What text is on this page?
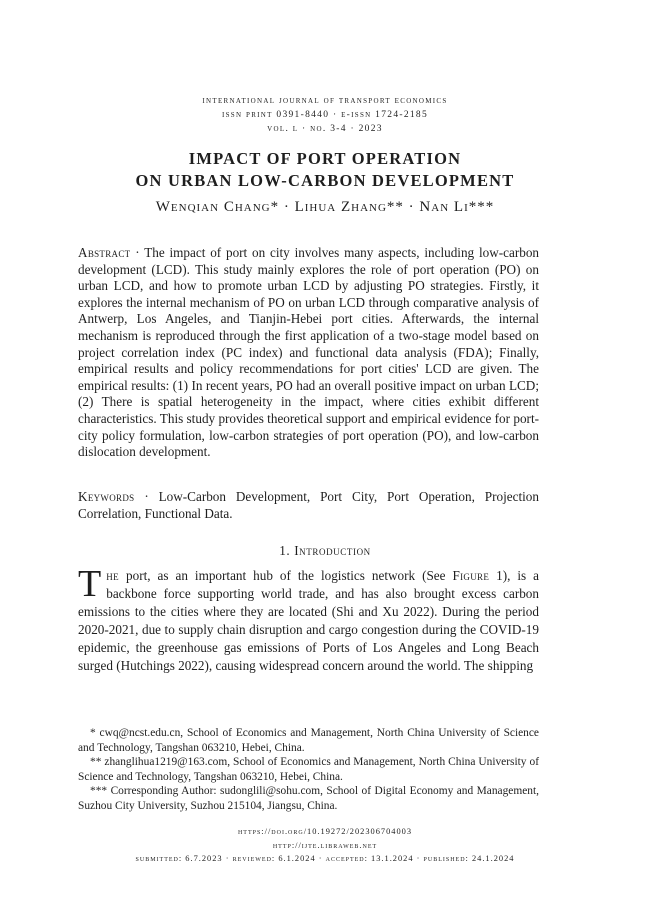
international journal of transport economics
issn print 0391-8440 · e-issn 1724-2185
vol. l · no. 3-4 · 2023
IMPACT OF PORT OPERATION
ON URBAN LOW-CARBON DEVELOPMENT
Wenqian Chang* · Lihua Zhang** · Nan Li***
Abstract · The impact of port on city involves many aspects, including low-carbon development (LCD). This study mainly explores the role of port operation (PO) on urban LCD, and how to promote urban LCD by adjusting PO strategies. Firstly, it explores the internal mechanism of PO on urban LCD through comparative analysis of Antwerp, Los Angeles, and Tianjin-Hebei port cities. Afterwards, the internal mechanism is reproduced through the first application of a two-stage model based on project correlation index (PC index) and functional data analysis (FDA); Finally, empirical results and policy recommendations for port cities' LCD are given. The empirical results: (1) In recent years, PO had an overall positive impact on urban LCD; (2) There is spatial heterogeneity in the impact, where cities exhibit different characteristics. This study provides theoretical support and empirical evidence for port-city policy formulation, low-carbon strategies of port operation (PO), and low-carbon dislocation development.
Keywords · Low-Carbon Development, Port City, Port Operation, Projection Correlation, Functional Data.
1. Introduction
The port, as an important hub of the logistics network (See Figure 1), is a backbone force supporting world trade, and has also brought excess carbon emissions to the cities where they are located (Shi and Xu 2022). During the period 2020-2021, due to supply chain disruption and cargo congestion during the COVID-19 epidemic, the greenhouse gas emissions of Ports of Los Angeles and Long Beach surged (Hutchings 2022), causing widespread concern around the world. The shipping

* cwq@ncst.edu.cn, School of Economics and Management, North China University of Science and Technology, Tangshan 063210, Hebei, China.

** zhanglihua1219@163.com, School of Economics and Management, North China University of Science and Technology, Tangshan 063210, Hebei, China.

*** Corresponding Author: sudonglili@sohu.com, School of Digital Economy and Management, Suzhou City University, Suzhou 215104, Jiangsu, China.

https://doi.org/10.19272/202306704003
http://ijte.libraweb.net
submitted: 6.7.2023 · reviewed: 6.1.2024 · accepted: 13.1.2024 · published: 24.1.2024
